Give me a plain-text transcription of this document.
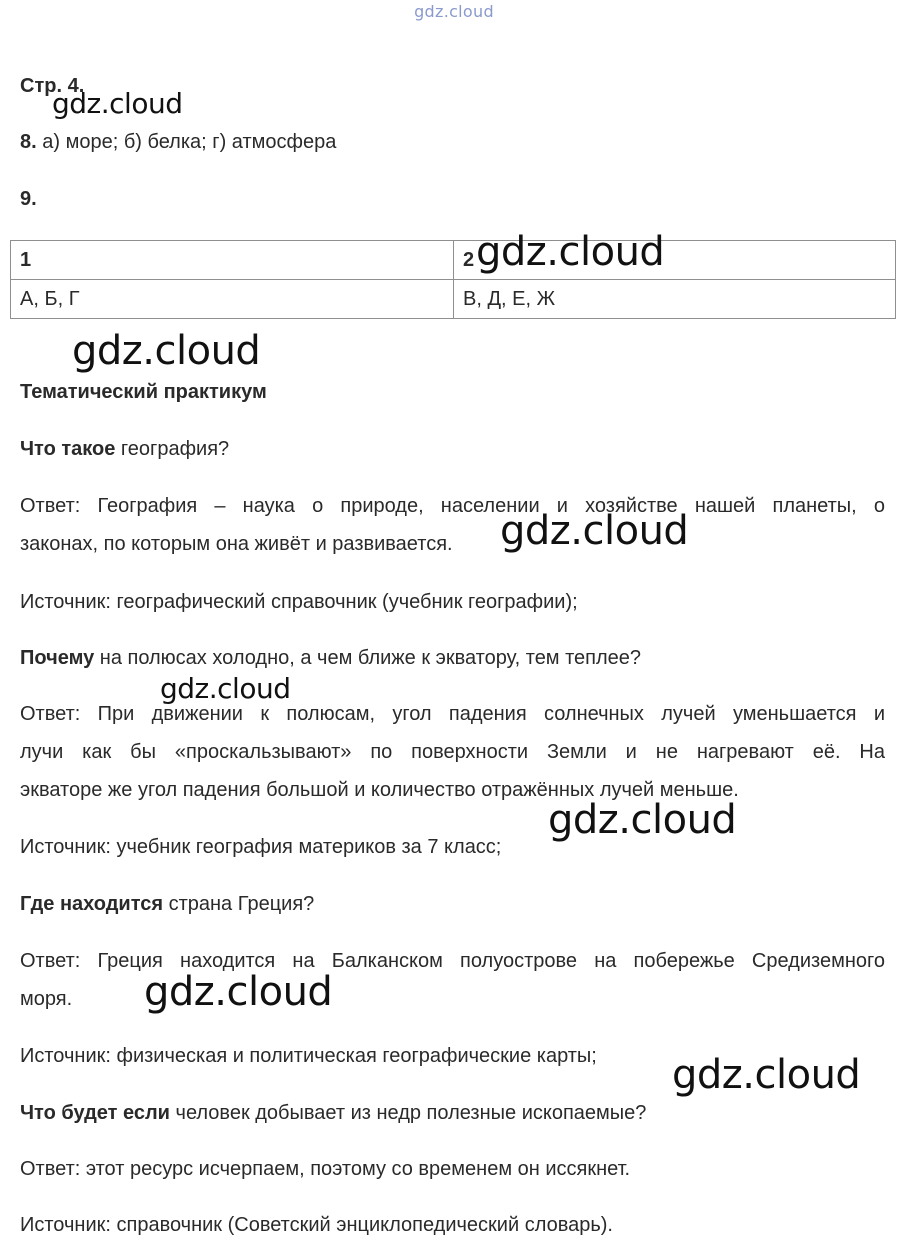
gdz.cloud
Стр. 4.
8. а) море; б) белка; г) атмосфера
9.
1	2
А, Б, Г	В, Д, Е, Ж
Тематический практикум
Что такое география?
Ответ: География – наука о природе, населении и хозяйстве нашей планеты, о
законах, по которым она живёт и развивается.
Источник: географический справочник (учебник географии);
Почему на полюсах холодно, а чем ближе к экватору, тем теплее?
Ответ: При движении к полюсам, угол падения солнечных лучей уменьшается и
лучи как бы «проскальзывают» по поверхности Земли и не нагревают её. На
экваторе же угол падения большой и количество отражённых лучей меньше.
Источник: учебник география материков за 7 класс;
Где находится страна Греция?
Ответ: Греция находится на Балканском полуострове на побережье Средиземного
моря.
Источник: физическая и политическая географические карты;
Что будет если человек добывает из недр полезные ископаемые?
Ответ: этот ресурс исчерпаем, поэтому со временем он иссякнет.
Источник: справочник (Советский энциклопедический словарь).
gdz.cloud
gdz.cloud
gdz.cloud
gdz.cloud
gdz.cloud
gdz.cloud
gdz.cloud
gdz.cloud
